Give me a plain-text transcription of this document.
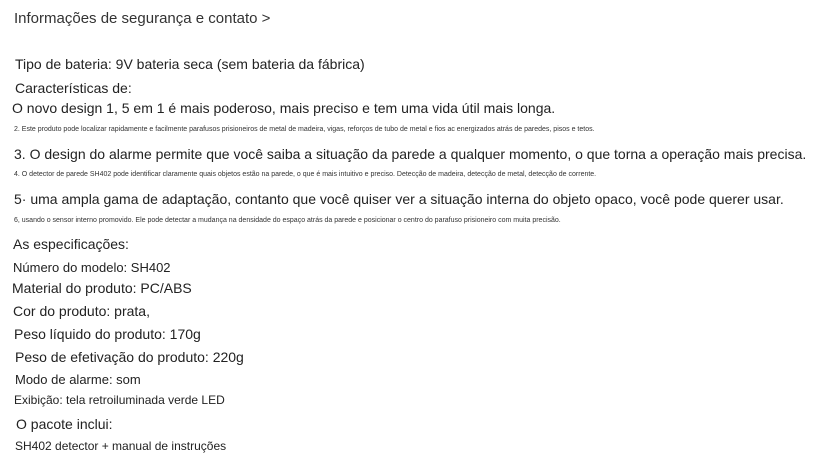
Informações de segurança e contato >
Tipo de bateria: 9V bateria seca (sem bateria da fábrica)
Características de:
O novo design 1, 5 em 1 é mais poderoso, mais preciso e tem uma vida útil mais longa.
2. Este produto pode localizar rapidamente e facilmente parafusos prisioneiros de metal de madeira, vigas, reforços de tubo de metal e fios ac energizados atrás de paredes, pisos e tetos.
3. O design do alarme permite que você saiba a situação da parede a qualquer momento, o que torna a operação mais precisa.
4. O detector de parede SH402 pode identificar claramente quais objetos estão na parede, o que é mais intuitivo e preciso. Detecção de madeira, detecção de metal, detecção de corrente.
5· uma ampla gama de adaptação, contanto que você quiser ver a situação interna do objeto opaco, você pode querer usar.
6, usando o sensor interno promovido. Ele pode detectar a mudança na densidade do espaço atrás da parede e posicionar o centro do parafuso prisioneiro com muita precisão.
As especificações:
Número do modelo: SH402
Material do produto: PC/ABS
Cor do produto: prata,
Peso líquido do produto: 170g
Peso de efetivação do produto: 220g
Modo de alarme: som
Exibição: tela retroiluminada verde LED
O pacote inclui:
SH402 detector + manual de instruções
